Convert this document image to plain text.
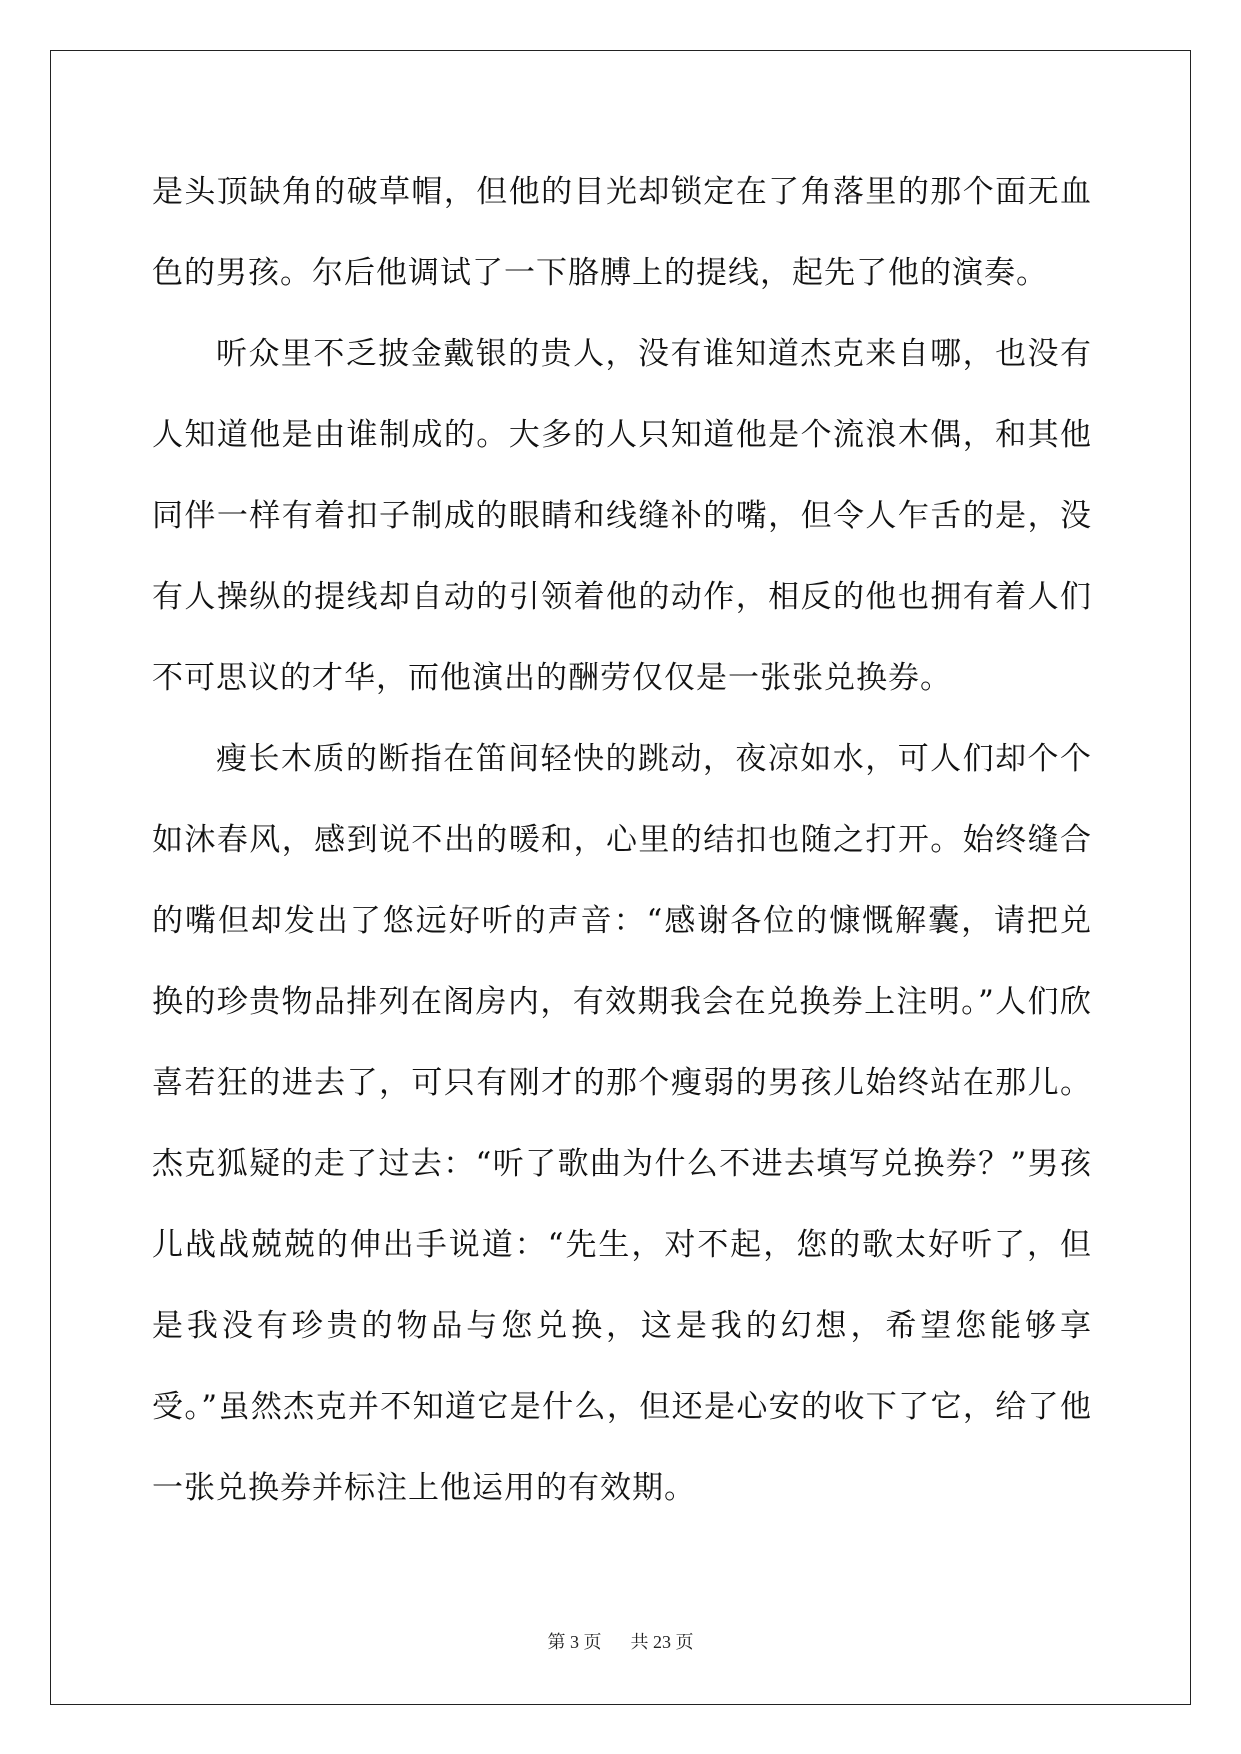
是头顶缺角的破草帽，但他的目光却锁定在了角落里的那个面无血色的男孩。尔后他调试了一下胳膊上的提线，起先了他的演奏。

听众里不乏披金戴银的贵人，没有谁知道杰克来自哪，也没有人知道他是由谁制成的。大多的人只知道他是个流浪木偶，和其他同伴一样有着扣子制成的眼睛和线缝补的嘴，但令人乍舌的是，没有人操纵的提线却自动的引领着他的动作，相反的他也拥有着人们不可思议的才华，而他演出的酬劳仅仅是一张张兑换券。

瘦长木质的断指在笛间轻快的跳动，夜凉如水，可人们却个个如沐春风，感到说不出的暖和，心里的结扣也随之打开。始终缝合的嘴但却发出了悠远好听的声音：“感谢各位的慷慨解囊，请把兑换的珍贵物品排列在阁房内，有效期我会在兑换券上注明。”人们欣喜若狂的进去了，可只有刚才的那个瘦弱的男孩儿始终站在那儿。杰克狐疑的走了过去：“听了歌曲为什么不进去填写兑换券？”男孩儿战战兢兢的伸出手说道：“先生，对不起，您的歌太好听了，但是我没有珍贵的物品与您兑换，这是我的幻想，希望您能够享受。”虽然杰克并不知道它是什么，但还是心安的收下了它，给了他一张兑换券并标注上他运用的有效期。

第 3 页 共 23 页
